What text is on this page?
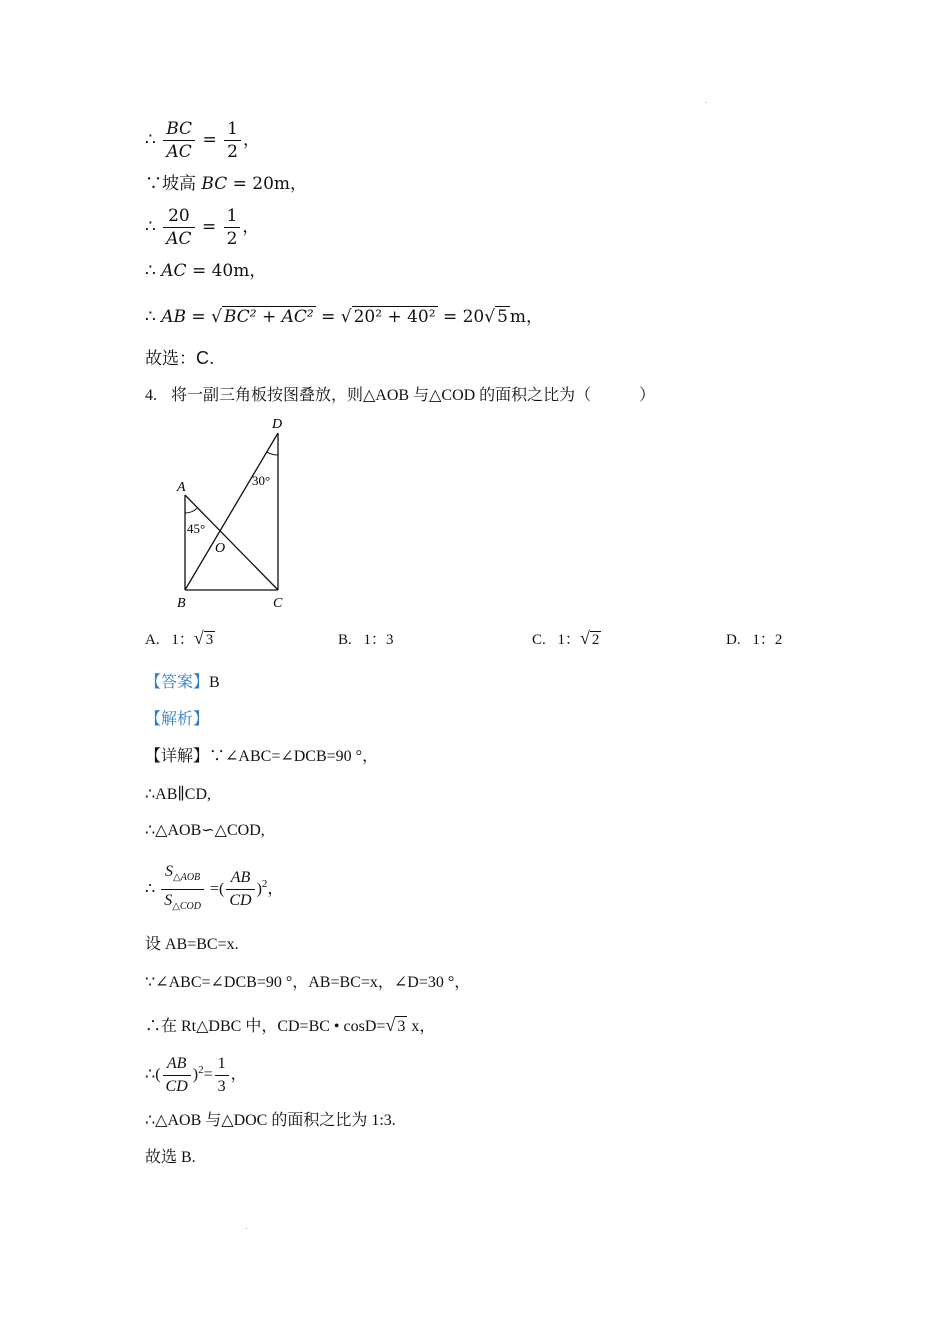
.
.
∴ $\frac{BC}{AC} = \frac{1}{2}$ ，
∵坡高 BC = 20m，
∴ $\frac{20}{AC} = \frac{1}{2}$ ，
∴ AC = 40m，
∴ AB = √ BC² + AC² = √ 20² + 40² = 20√ 5 m，
故选：C.
4. 将一副三角板按图叠放，则△AOB 与△COD 的面积之比为（　　　）
A
B	C
D
O
45°
30°
A. 1：√ 3	B. 1：3	C. 1：√ 2	D. 1：2
【答案】B
【解析】
【详解】∵∠ABC=∠DCB=90 °，
∴AB∥CD,
∴△AOB∽△COD,
∴ $\frac{S_{\triangle AOB}}{S_{\triangle COD}}$ =( $\frac{AB}{CD} )^2$，
设 AB=BC=x.
∵∠ABC=∠DCB=90 °，AB=BC=x，∠D=30 °，
∴在 Rt△DBC 中，CD=BC • cosD=√ 3 x，
∴( $\frac{AB}{CD} )^2= \frac{1}{3}$ ，
∴△AOB 与△DOC 的面积之比为 1:3.
故选 B.
